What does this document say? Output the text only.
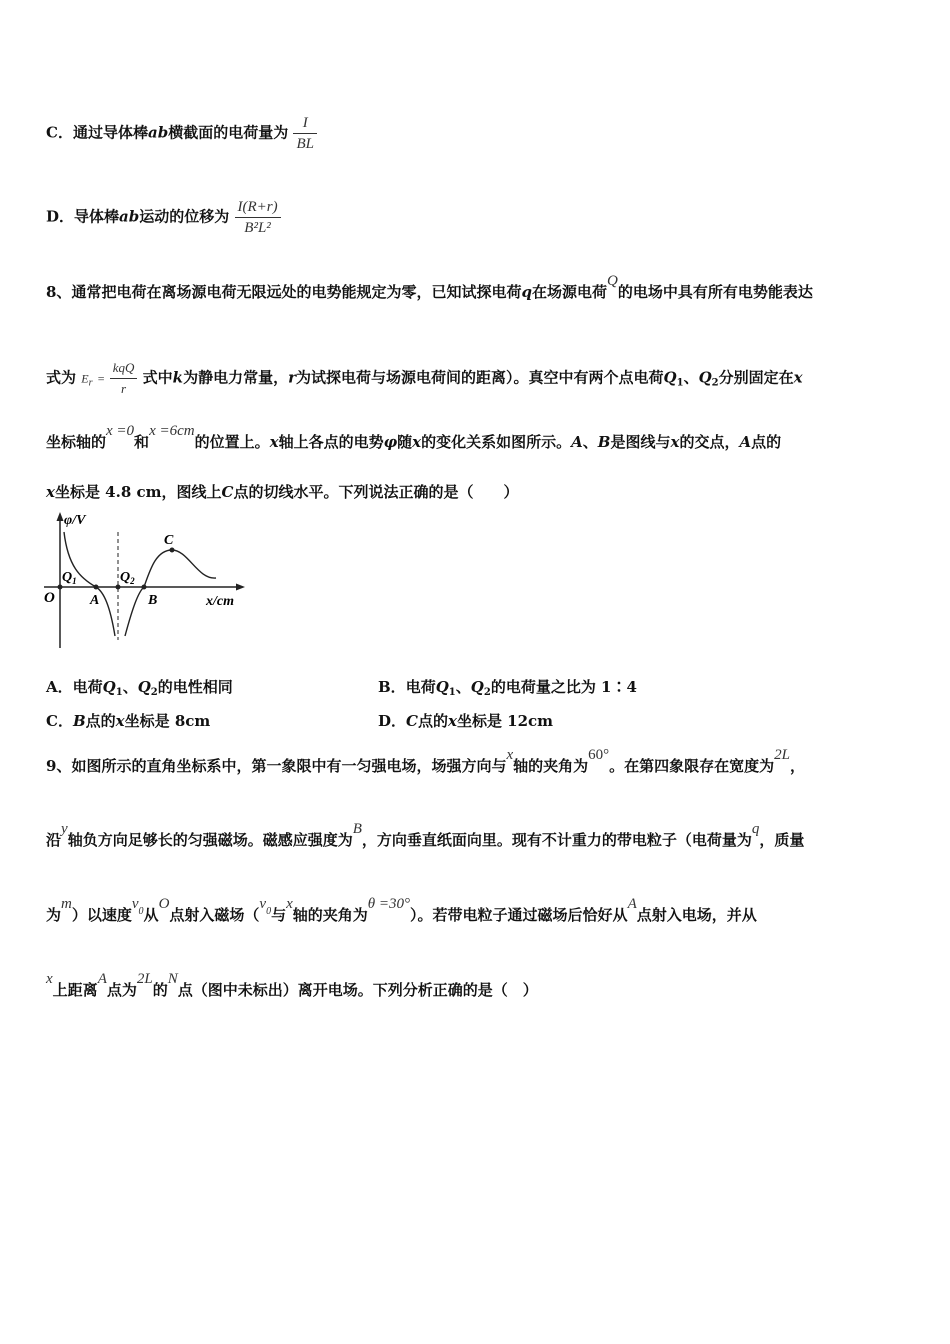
C．通过导体棒ab横截面的电荷量为 $\frac{I}{BL}$
D．导体棒ab运动的位移为 $\frac{I(R+r)}{\text{B²L²}}$
8、通常把电荷在离场源电荷无限远处的电势能规定为零，已知试探电荷q在场源电荷Q的电场中具有所有电势能表达
式为 $E_r = \frac{\text{kqQ}}{r}$ 式中k为静电力常量，r为试探电荷与场源电荷间的距离）。真空中有两个点电荷$Q_1$、$Q_2$分别固定在x
坐标轴的x =0和x =6cm的位置上。x轴上各点的电势φ随x的变化关系如图所示。A、B是图线与x的交点，A点的
x坐标是 4.8 cm，图线上C点的切线水平。下列说法正确的是（　　）
φ/V
x/cm
O
$Q_1$	$Q_2$
A	B
C
A．电荷$Q_1$、$Q_2$的电性相同	B．电荷$Q_1$、$Q_2$的电荷量之比为 1∶4
C．B点的x坐标是 8cm	D．C点的x坐标是 12cm
9、如图所示的直角坐标系中，第一象限中有一匀强电场，场强方向与x轴的夹角为60°。在第四象限存在宽度为2L，
沿y轴负方向足够长的匀强磁场。磁感应强度为B，方向垂直纸面向里。现有不计重力的带电粒子（电荷量为q，质量
为m）以速度$v^0$从O点射入磁场（$v^0$与x轴的夹角为θ =30°）。若带电粒子通过磁场后恰好从A点射入电场，并从
x上距离A点为2L的N点（图中未标出）离开电场。下列分析正确的是（　）
